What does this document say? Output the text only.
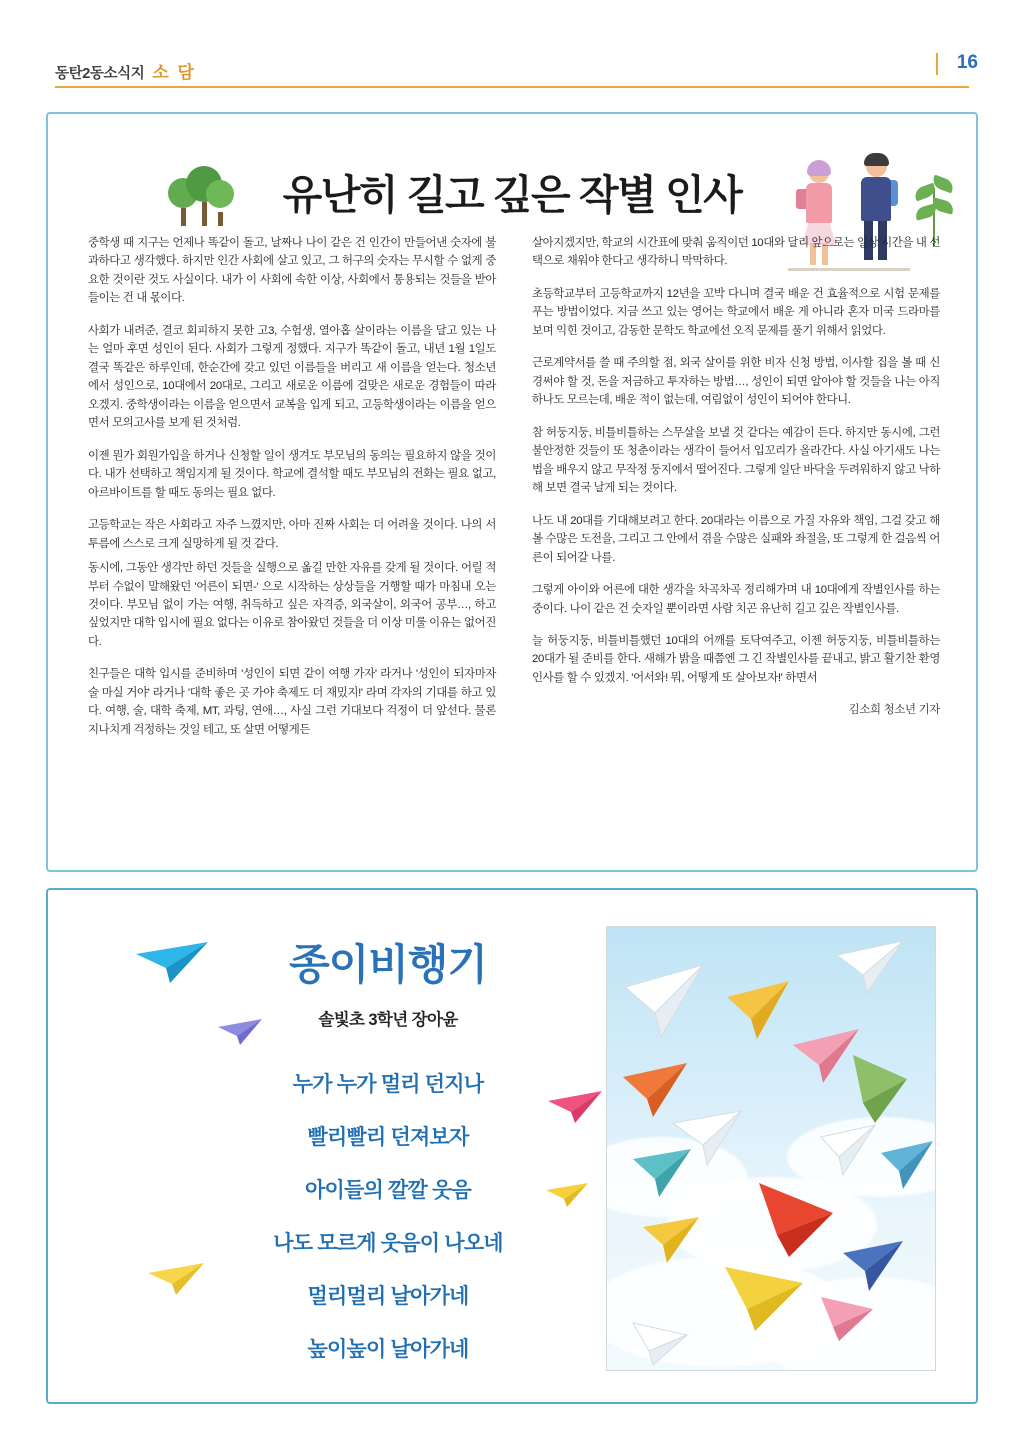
동탄2동소식지 소 담	16
유난히 길고 깊은 작별 인사

중학생 때 지구는 언제나 똑같이 돌고, 날짜나 나이 같은 건 인간이 만들어낸 숫자에 불과하다고 생각했다. 하지만 인간 사회에 살고 있고, 그 허구의 숫자는 무시할 수 없게 중요한 것이란 것도 사실이다. 내가 이 사회에 속한 이상, 사회에서 통용되는 것들을 받아들이는 건 내 몫이다.

사회가 내려준, 결코 회피하지 못한 고3, 수험생, 열아홉 살이라는 이름을 달고 있는 나는 얼마 후면 성인이 된다. 사회가 그렇게 정했다. 지구가 똑같이 돌고, 내년 1월 1일도 결국 똑같은 하루인데, 한순간에 갖고 있던 이름들을 버리고 새 이름을 얻는다. 청소년에서 성인으로, 10대에서 20대로, 그리고 새로운 이름에 걸맞은 새로운 경험들이 따라오겠지. 중학생이라는 이름을 얻으면서 교복을 입게 되고, 고등학생이라는 이름을 얻으면서 모의고사를 보게 된 것처럼.

이젠 뭔가 회원가입을 하거나 신청할 일이 생겨도 부모님의 동의는 필요하지 않을 것이다. 내가 선택하고 책임지게 될 것이다. 학교에 결석할 때도 부모님의 전화는 필요 없고, 아르바이트를 할 때도 동의는 필요 없다.

고등학교는 작은 사회라고 자주 느꼈지만, 아마 진짜 사회는 더 어려울 것이다. 나의 서투름에 스스로 크게 실망하게 될 것 같다.

동시에, 그동안 생각만 하던 것들을 실행으로 옮길 만한 자유를 갖게 될 것이다. 어릴 적부터 수없이 말해왔던 '어른이 되면-' 으로 시작하는 상상들을 거행할 때가 마침내 오는 것이다. 부모님 없이 가는 여행, 취득하고 싶은 자격증, 외국살이, 외국어 공부…, 하고 싶었지만 대학 입시에 필요 없다는 이유로 참아왔던 것들을 더 이상 미룰 이유는 없어진다.

친구들은 대학 입시를 준비하며 '성인이 되면 같이 여행 가자' 라거나 '성인이 되자마자 술 마실 거야' 라거나 '대학 좋은 곳 가야 축제도 더 재밌지!' 라며 각자의 기대를 하고 있다. 여행, 술, 대학 축제, MT, 과팅, 연애…, 사실 그런 기대보다 걱정이 더 앞선다. 물론 지나치게 걱정하는 것일 테고, 또 살면 어떻게든

살아지겠지만, 학교의 시간표에 맞춰 움직이던 10대와 달리 앞으로는 일상 시간을 내 선택으로 채워야 한다고 생각하니 막막하다.

초등학교부터 고등학교까지 12년을 꼬박 다니며 결국 배운 건 효율적으로 시험 문제를 푸는 방법이었다. 지금 쓰고 있는 영어는 학교에서 배운 게 아니라 혼자 미국 드라마를 보며 익힌 것이고, 감동한 문학도 학교에선 오직 문제를 풀기 위해서 읽었다.

근로계약서를 쓸 때 주의할 점, 외국 살이를 위한 비자 신청 방법, 이사할 집을 볼 때 신경써야 할 것, 돈을 저금하고 투자하는 방법…, 성인이 되면 알아야 할 것들을 나는 아직 하나도 모르는데, 배운 적이 없는데, 여림없이 성인이 되어야 한다니.

참 허둥지둥, 비틀비틀하는 스무살을 보낼 것 같다는 예감이 든다. 하지만 동시에, 그런 불안정한 것들이 또 청춘이라는 생각이 들어서 입꼬리가 올라간다. 사실 아기새도 나는 법을 배우지 않고 무작정 둥지에서 떨어진다. 그렇게 일단 바닥을 두려워하지 않고 낙하해 보면 결국 날게 되는 것이다.

나도 내 20대를 기대해보려고 한다. 20대라는 이름으로 가질 자유와 책임, 그걸 갖고 해 볼 수많은 도전을, 그리고 그 안에서 겪을 수많은 실패와 좌절을, 또 그렇게 한 걸음씩 어른이 되어갈 나를.

그렇게 아이와 어른에 대한 생각을 차곡차곡 정리해가며 내 10대에게 작별인사를 하는 중이다. 나이 같은 건 숫자일 뿐이라면 사람 치곤 유난히 길고 깊은 작별인사를.

늘 허둥지둥, 비틀비틀했던 10대의 어깨를 토닥여주고, 이젠 허둥지둥, 비틀비틀하는 20대가 될 준비를 한다. 새해가 밝을 때쯤엔 그 긴 작별인사를 끝내고, 밝고 활기찬 환영인사를 할 수 있겠지. '어서와! 뭐, 어떻게 또 살아보자!' 하면서

김소희 청소년 기자
종이비행기
솔빛초 3학년 장아윤
누가 누가 멀리 던지나
빨리빨리 던져보자
아이들의 깔깔 웃음
나도 모르게 웃음이 나오네
멀리멀리 날아가네
높이높이 날아가네
